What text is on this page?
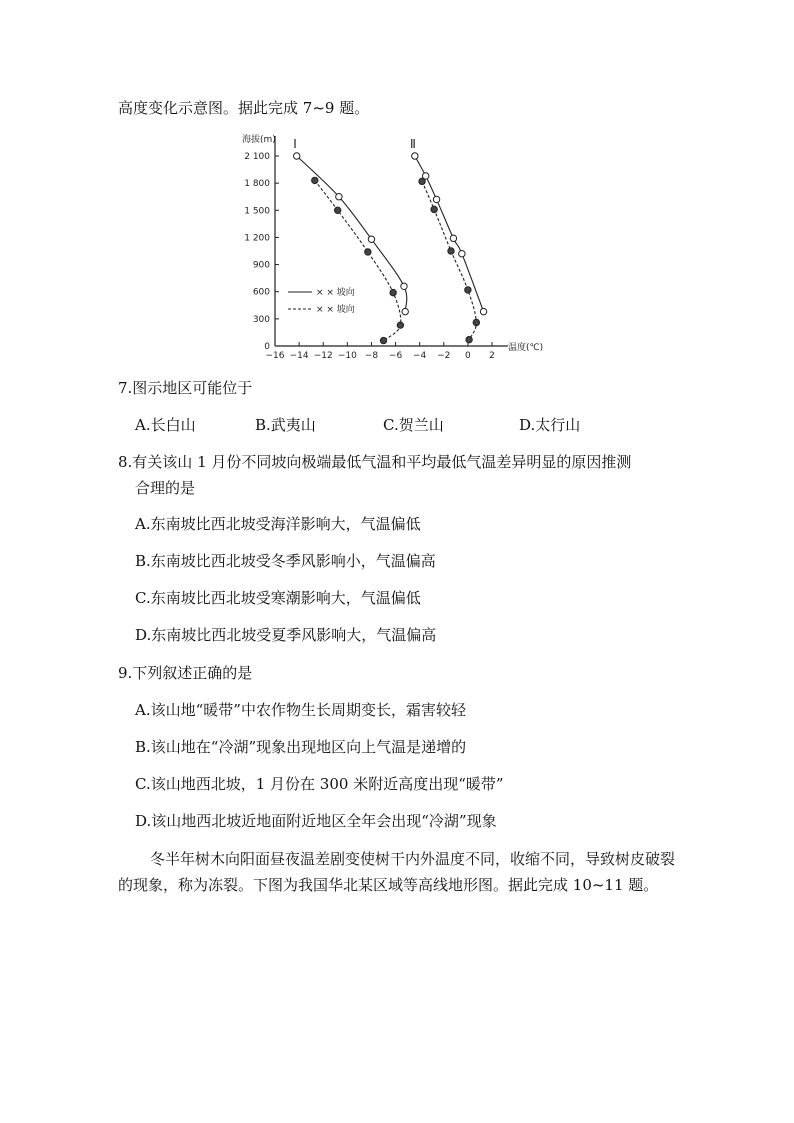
高度变化示意图。据此完成 7~9 题。
海拔(m)
温度(℃)
0
300
600
900
1 200
1 500
1 800
2 100
−16 −14 −12 −10 −8 −6 −4 −2 0 2
Ⅰ	Ⅱ
× × 坡向
× × 坡向
7.图示地区可能位于
A.长白山	B.武夷山	C.贺兰山	D.太行山
8.有关该山 1 月份不同坡向极端最低气温和平均最低气温差异明显的原因推测
合理的是
A.东南坡比西北坡受海洋影响大，气温偏低
B.东南坡比西北坡受冬季风影响小，气温偏高
C.东南坡比西北坡受寒潮影响大，气温偏低
D.东南坡比西北坡受夏季风影响大，气温偏高
9.下列叙述正确的是
A.该山地“暖带”中农作物生长周期变长，霜害较轻
B.该山地在“冷湖”现象出现地区向上气温是递增的
C.该山地西北坡，1 月份在 300 米附近高度出现“暖带”
D.该山地西北坡近地面附近地区全年会出现“冷湖”现象
冬半年树木向阳面昼夜温差剧变使树干内外温度不同，收缩不同，导致树皮破裂的现象，称为冻裂。下图为我国华北某区域等高线地形图。据此完成 10~11 题。
